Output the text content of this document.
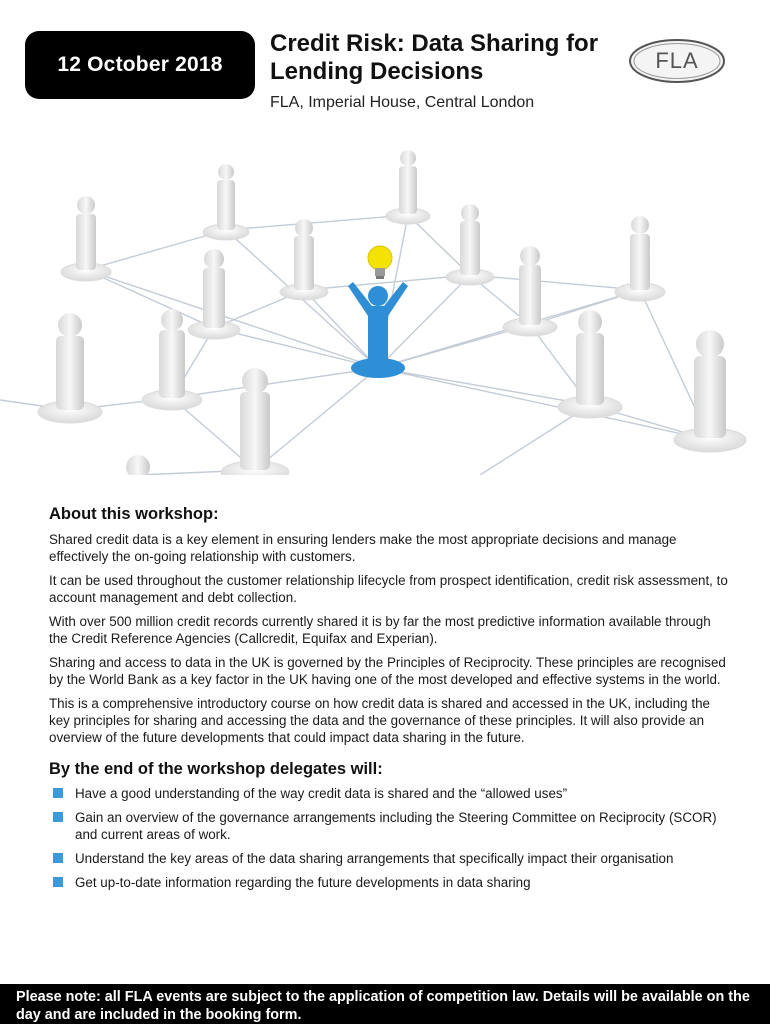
12 October 2018
Credit Risk: Data Sharing for Lending Decisions
FLA, Imperial House, Central London
FLA
About this workshop:

Shared credit data is a key element in ensuring lenders make the most appropriate decisions and manage effectively the on-going relationship with customers.

It can be used throughout the customer relationship lifecycle from prospect identification, credit risk assessment, to account management and debt collection.

With over 500 million credit records currently shared it is by far the most predictive information available through the Credit Reference Agencies (Callcredit, Equifax and Experian).

Sharing and access to data in the UK is governed by the Principles of Reciprocity. These principles are recognised by the World Bank as a key factor in the UK having one of the most developed and effective systems in the world.

This is a comprehensive introductory course on how credit data is shared and accessed in the UK, including the key principles for sharing and accessing the data and the governance of these principles. It will also provide an overview of the future developments that could impact data sharing in the future.

By the end of the workshop delegates will:
Have a good understanding of the way credit data is shared and the “allowed uses”
Gain an overview of the governance arrangements including the Steering Committee on Reciprocity (SCOR) and current areas of work.
Understand the key areas of the data sharing arrangements that specifically impact their organisation
Get up-to-date information regarding the future developments in data sharing
Please note: all FLA events are subject to the application of competition law. Details will be available on the day and are included in the booking form.
